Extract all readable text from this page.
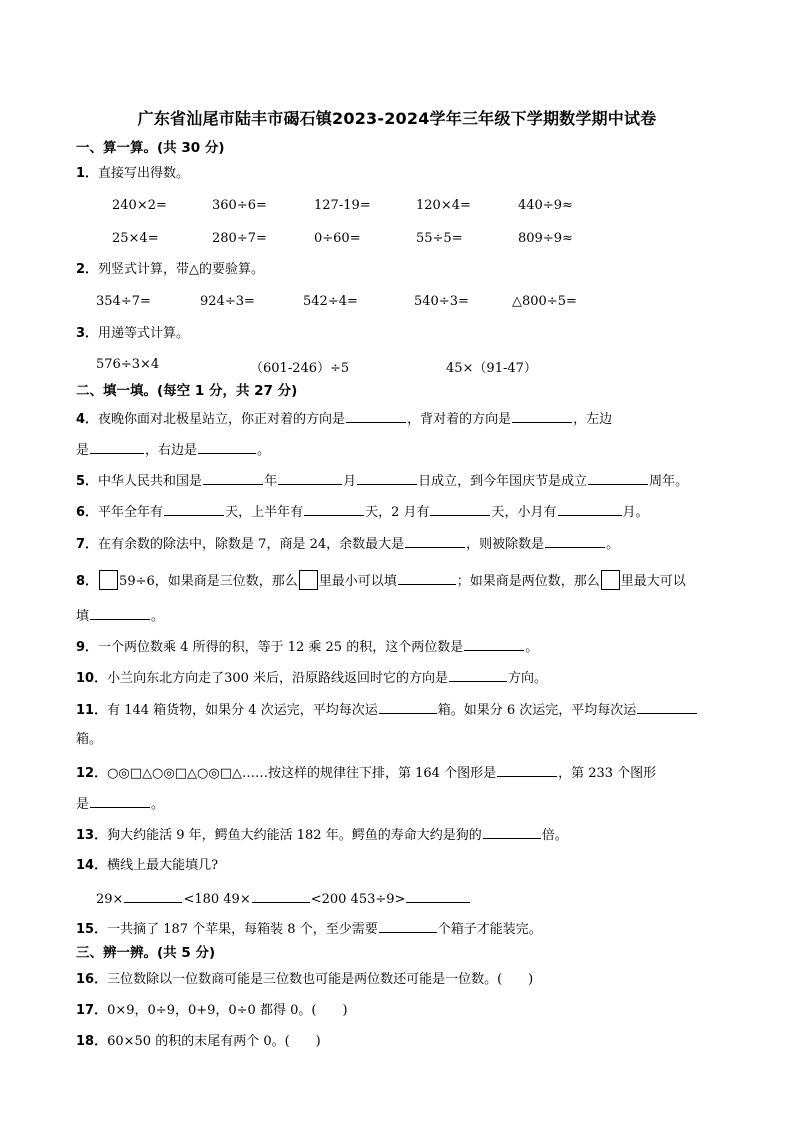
广东省汕尾市陆丰市碣石镇2023-2024学年三年级下学期数学期中试卷
一、算一算。(共 30 分)
1．直接写出得数。
240×2=	360÷6=	127-19=	120×4=	440÷9≈
25×4=	280÷7=	0÷60=	55÷5=	809÷9≈
2．列竖式计算，带△的要验算。
354÷7=	924÷3=	542÷4=	540÷3=	△800÷5=
3．用递等式计算。
576÷3×4	（601-246）÷5	45×（91-47）
二、填一填。(每空 1 分，共 27 分)
4．夜晚你面对北极星站立，你正对着的方向是	，背对着的方向是	，左边
是	，右边是	。
5．中华人民共和国是	年	月	日成立，到今年国庆节是成立	周年。
6．平年全年有	天，上半年有	天，2 月有	天，小月有	月。
7．在有余数的除法中，除数是 7，商是 24，余数最大是	，则被除数是	。
8． 59÷6，如果商是三位数，那么 里最小可以填	；如果商是两位数，那么 里最大可以
填	。
9．一个两位数乘 4 所得的积，等于 12 乘 25 的积，这个两位数是	。
10．小兰向东北方向走了300 米后，沿原路线返回时它的方向是	方向。
11．有 144 箱货物，如果分 4 次运完，平均每次运	箱。如果分 6 次运完，平均每次运
箱。
12．○◎□△○◎□△○◎□△……按这样的规律往下排，第 164 个图形是	，第 233 个图形
是	。
13．狗大约能活 9 年，鳄鱼大约能活 182 年。鳄鱼的寿命大约是狗的	倍。
14．横线上最大能填几?
29×	<180 49×	<200 453÷9>
15．一共摘了 187 个苹果，每箱装 8 个，至少需要	个箱子才能装完。
三、辨一辨。(共 5 分)
16．三位数除以一位数商可能是三位数也可能是两位数还可能是一位数。(　　)
17．0×9，0÷9，0+9，0÷0 都得 0。(　　)
18．60×50 的积的末尾有两个 0。(　　)
